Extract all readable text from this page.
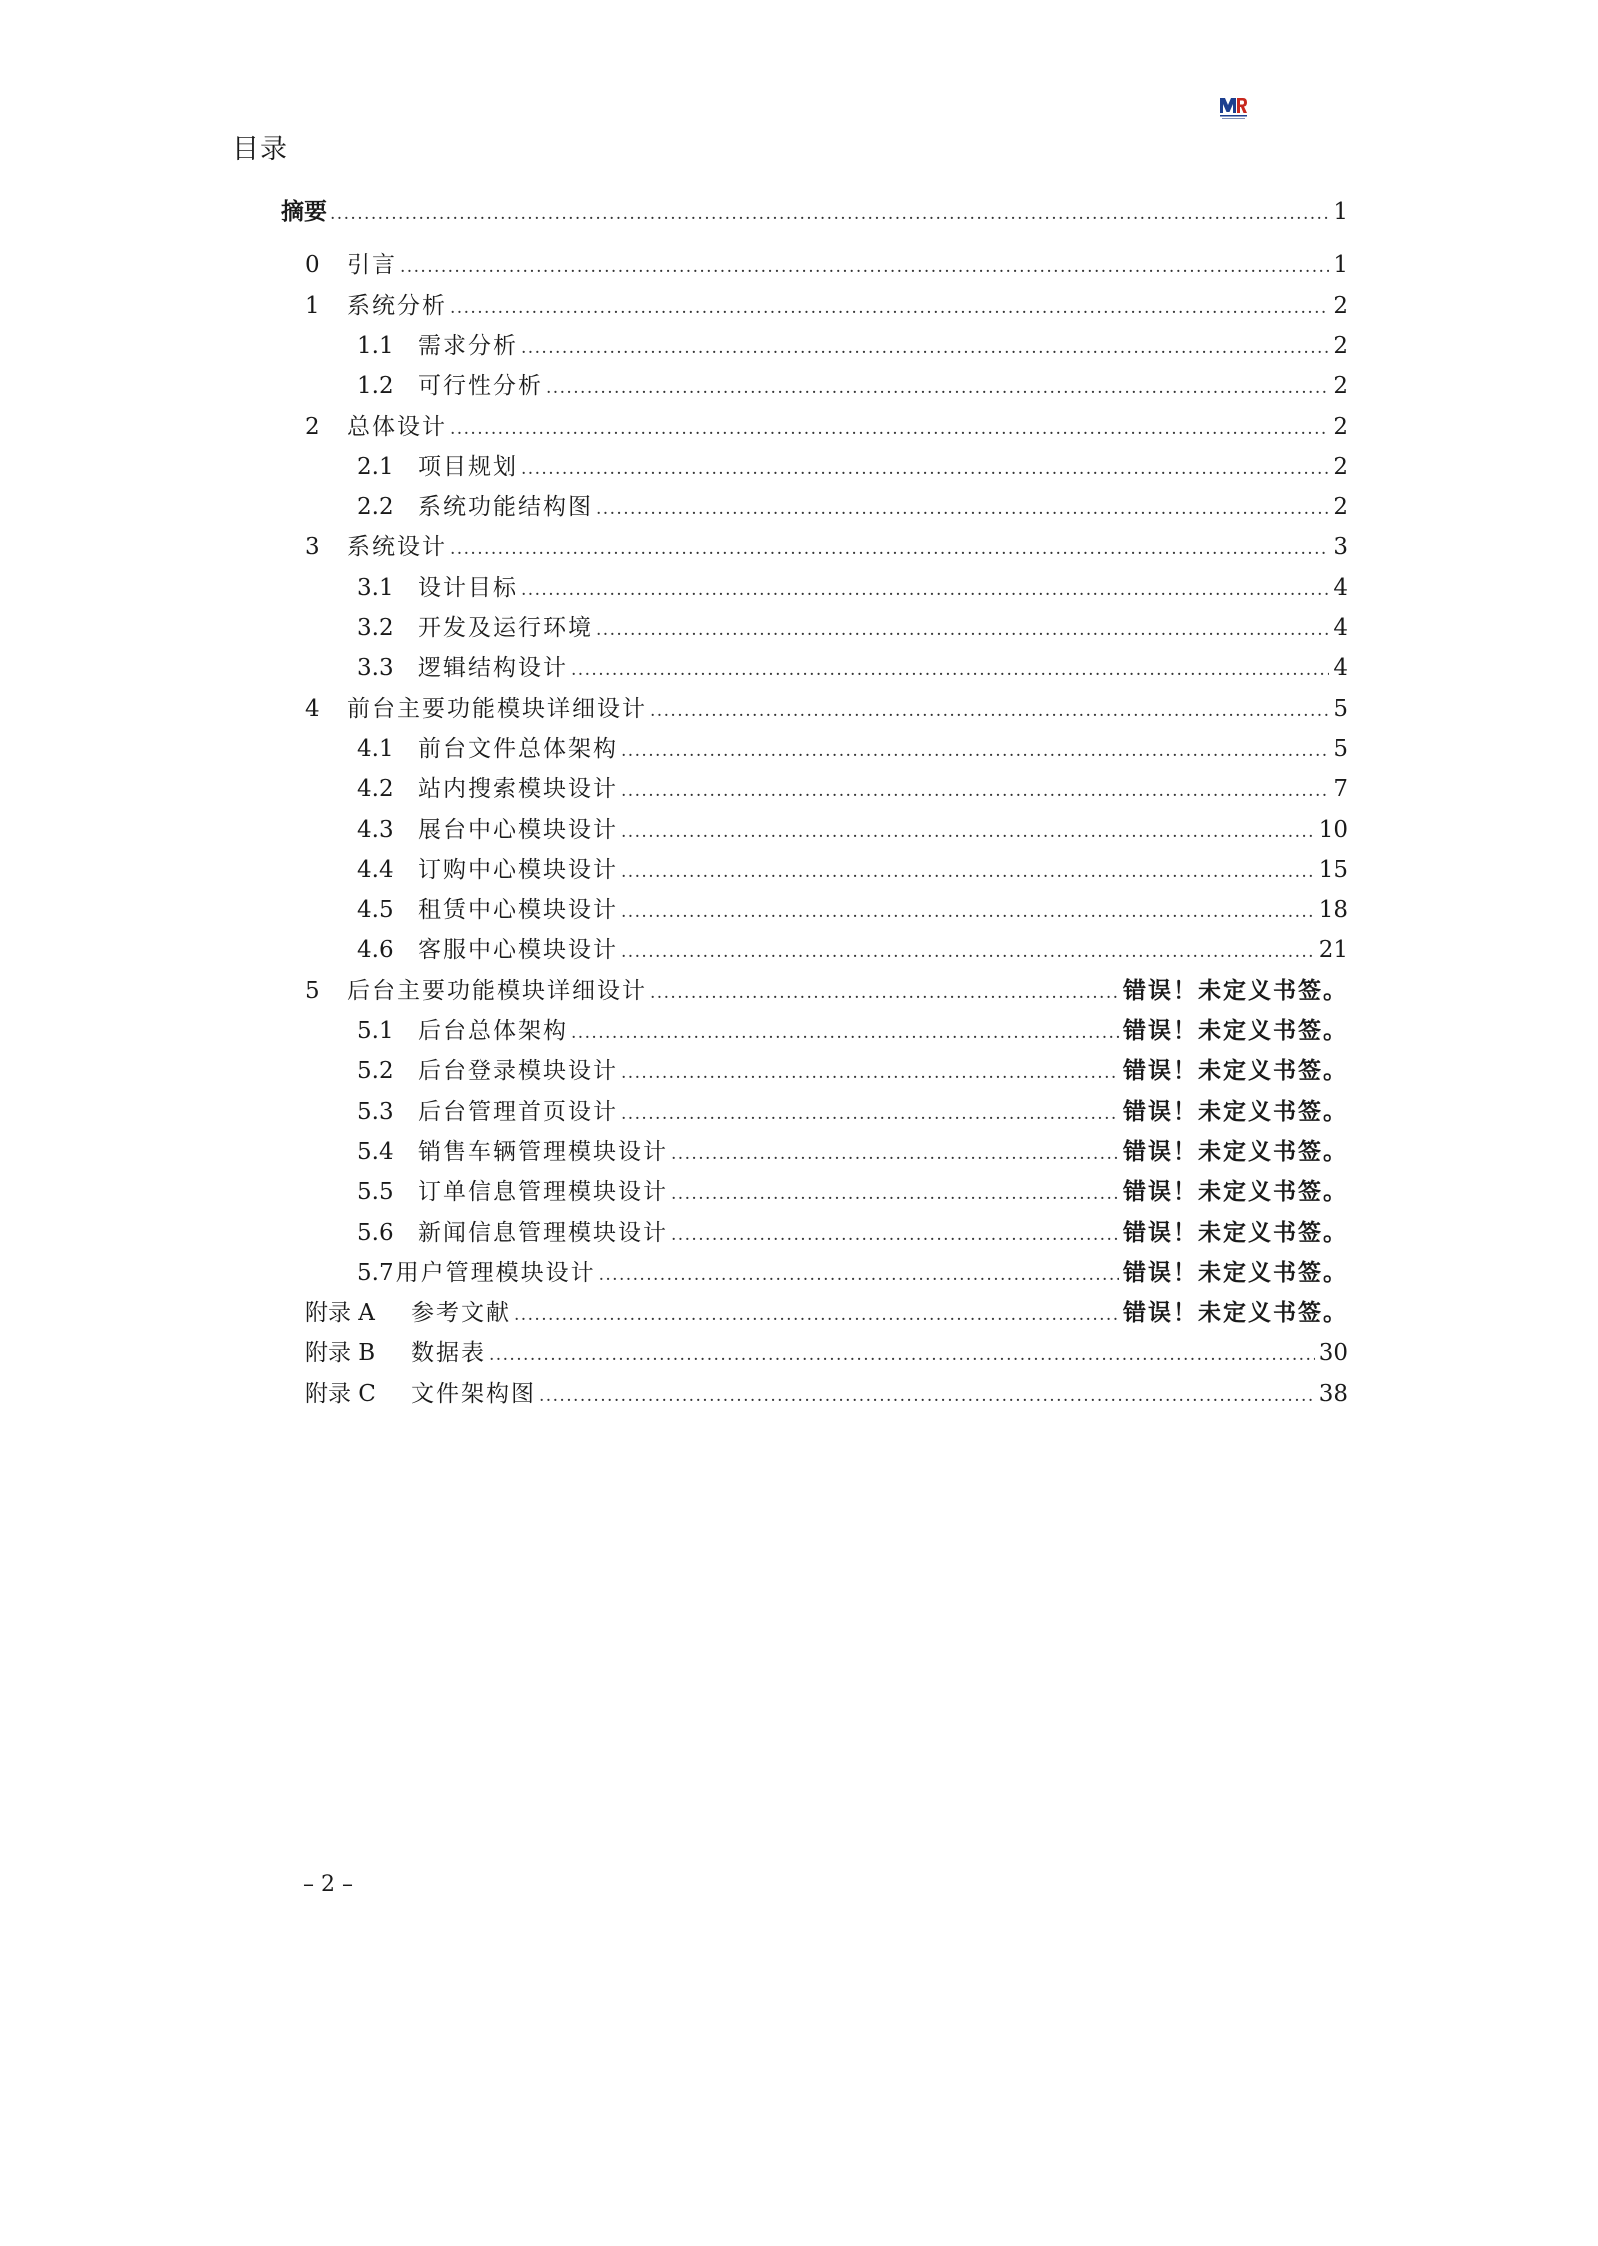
目录
摘要 .....	1
0	引言 .....	1
1	系统分析 .....	2
1.1	需求分析 .....	2
1.2	可行性分析 .....	2
2	总体设计 .....	2
2.1	项目规划 .....	2
2.2	系统功能结构图 .....	2
3	系统设计 .....	3
3.1	设计目标 .....	4
3.2	开发及运行环境 .....	4
3.3	逻辑结构设计 .....	4
4	前台主要功能模块详细设计 .....	5
4.1	前台文件总体架构 .....	5
4.2	站内搜索模块设计 .....	7
4.3	展台中心模块设计 .....	10
4.4	订购中心模块设计 .....	15
4.5	租赁中心模块设计 .....	18
4.6	客服中心模块设计 .....	21
5	后台主要功能模块详细设计 .....	错误！未定义书签。
5.1	后台总体架构 .....	错误！未定义书签。
5.2	后台登录模块设计 .....	错误！未定义书签。
5.3	后台管理首页设计 .....	错误！未定义书签。
5.4	销售车辆管理模块设计 .....	错误！未定义书签。
5.5	订单信息管理模块设计 .....	错误！未定义书签。
5.6	新闻信息管理模块设计 .....	错误！未定义书签。
5.7 用户管理模块设计 .....	错误！未定义书签。
附录 A	参考文献 .....	错误！未定义书签。
附录 B	数据表 .....	30
附录 C	文件架构图 .....	38
– 2 –
